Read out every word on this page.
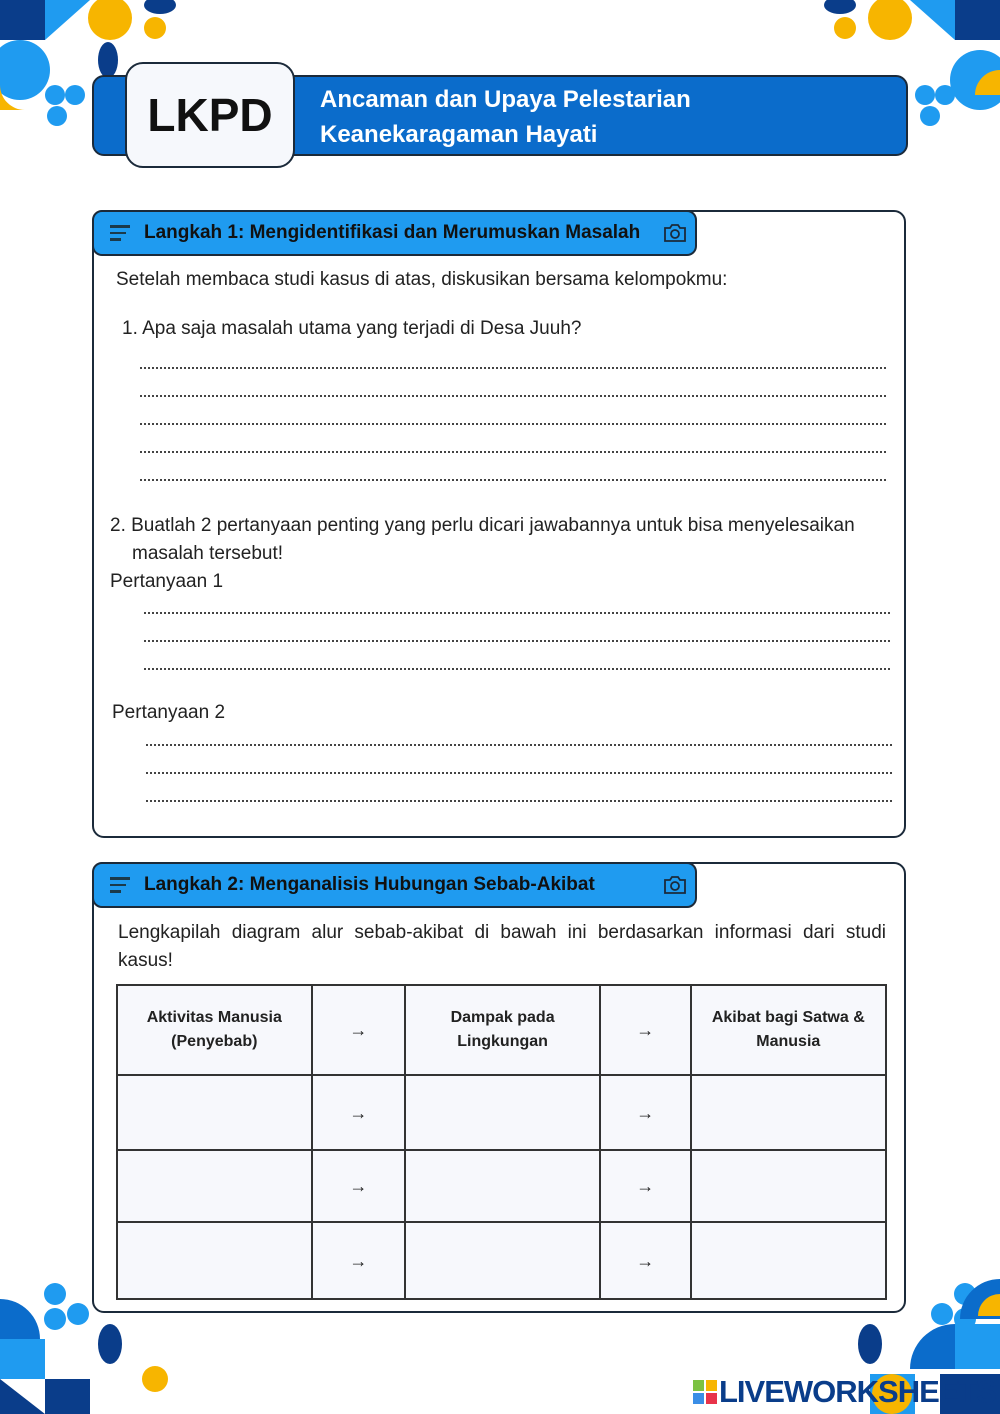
LKPD	Ancaman dan Upaya Pelestarian
Keanekaragaman Hayati
Langkah 1: Mengidentifikasi dan Merumuskan Masalah
Setelah membaca studi kasus di atas, diskusikan bersama kelompokmu:
1. Apa saja masalah utama yang terjadi di Desa Juuh?
2. Buatlah 2 pertanyaan penting yang perlu dicari jawabannya untuk bisa menyelesaikan
masalah tersebut!
Pertanyaan 1
Pertanyaan 2
Langkah 2: Menganalisis Hubungan Sebab-Akibat
Lengkapilah diagram alur sebab-akibat di bawah ini berdasarkan informasi dari studi
kasus!
Aktivitas Manusia (Penyebab)	→	Dampak pada Lingkungan	→	Akibat bagi Satwa & Manusia
	→		→	
	→		→	
	→		→	
LIVEWORKSHEETS
